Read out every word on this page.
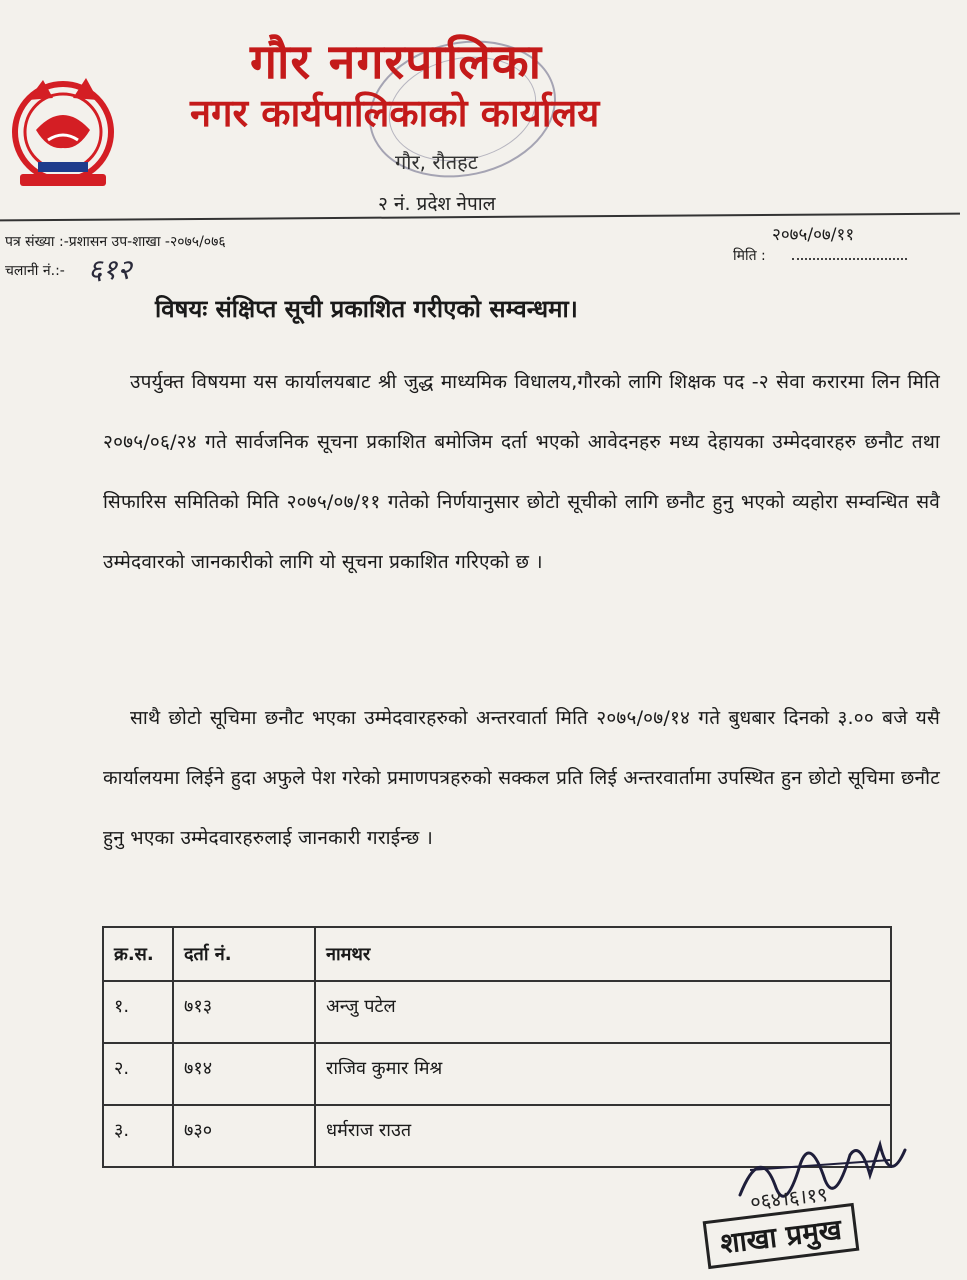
गौर नगरपालिका
नगर कार्यपालिकाको कार्यालय
गौर, रौतहट
२ नं. प्रदेश नेपाल
पत्र संख्या :-प्रशासन उप-शाखा -२०७५/०७६
चलानी नं.:- ६१२
२०७५/०७/११
मिति :
विषयः संक्षिप्त सूची प्रकाशित गरीएको सम्वन्धमा।
उपर्युक्त विषयमा यस कार्यालयबाट श्री जुद्ध माध्यमिक विधालय,गौरको लागि शिक्षक पद -२ सेवा करारमा लिन मिति २०७५/०६/२४ गते सार्वजनिक सूचना प्रकाशित बमोजिम दर्ता भएको आवेदनहरु मध्य देहायका उम्मेदवारहरु छनौट तथा सिफारिस समितिको मिति २०७५/०७/११ गतेको निर्णयानुसार छोटो सूचीको लागि छनौट हुनु भएको व्यहोरा सम्वन्धित सवै उम्मेदवारको जानकारीको लागि यो सूचना प्रकाशित गरिएको छ ।
साथै छोटो सूचिमा छनौट भएका उम्मेदवारहरुको अन्तरवार्ता मिति २०७५/०७/१४ गते बुधबार दिनको ३.०० बजे यसै कार्यालयमा लिईने हुदा अफुले पेश गरेको प्रमाणपत्रहरुको सक्कल प्रति लिई अन्तरवार्तामा उपस्थित हुन छोटो सूचिमा छनौट हुनु भएका उम्मेदवारहरुलाई जानकारी गराईन्छ ।
क्र.स.	दर्ता नं.	नामथर
१.	७१३	अन्जु पटेल
२.	७१४	राजिव कुमार मिश्र
३.	७३०	धर्मराज राउत
०६४।६।१९
शाखा प्रमुख
